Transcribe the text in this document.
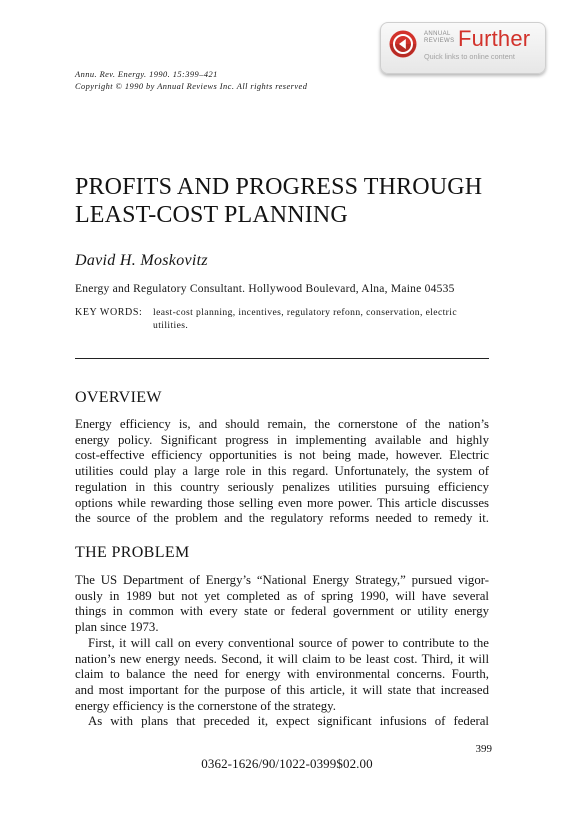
ANNUAL
REVIEWS Further
Quick links to online content
Annu. Rev. Energy. 1990. 15:399–421
Copyright © 1990 by Annual Reviews Inc. All rights reserved
PROFITS AND PROGRESS THROUGH
LEAST-COST PLANNING
David H. Moskovitz
Energy and Regulatory Consultant. Hollywood Boulevard, Alna, Maine 04535
KEY WORDS: least-cost planning, incentives, regulatory refonn, conservation, electric
utilities.
OVERVIEW
Energy efficiency is, and should remain, the cornerstone of the nation’s
energy policy. Significant progress in implementing available and highly
cost-effective efficiency opportunities is not being made, however. Electric
utilities could play a large role in this regard. Unfortunately, the system of
regulation in this country seriously penalizes utilities pursuing efficiency
options while rewarding those selling even more power. This article discusses
the source of the problem and the regulatory reforms needed to remedy it.
THE PROBLEM
The US Department of Energy’s “National Energy Strategy,” pursued vigor-
ously in 1989 but not yet completed as of spring 1990, will have several
things in common with every state or federal government or utility energy
plan since 1973.
First, it will call on every conventional source of power to contribute to the
nation’s new energy needs. Second, it will claim to be least cost. Third, it will
claim to balance the need for energy with environmental concerns. Fourth,
and most important for the purpose of this article, it will state that increased
energy efficiency is the cornerstone of the strategy.
As with plans that preceded it, expect significant infusions of federal
399
0362-1626/90/1022-0399$02.00
